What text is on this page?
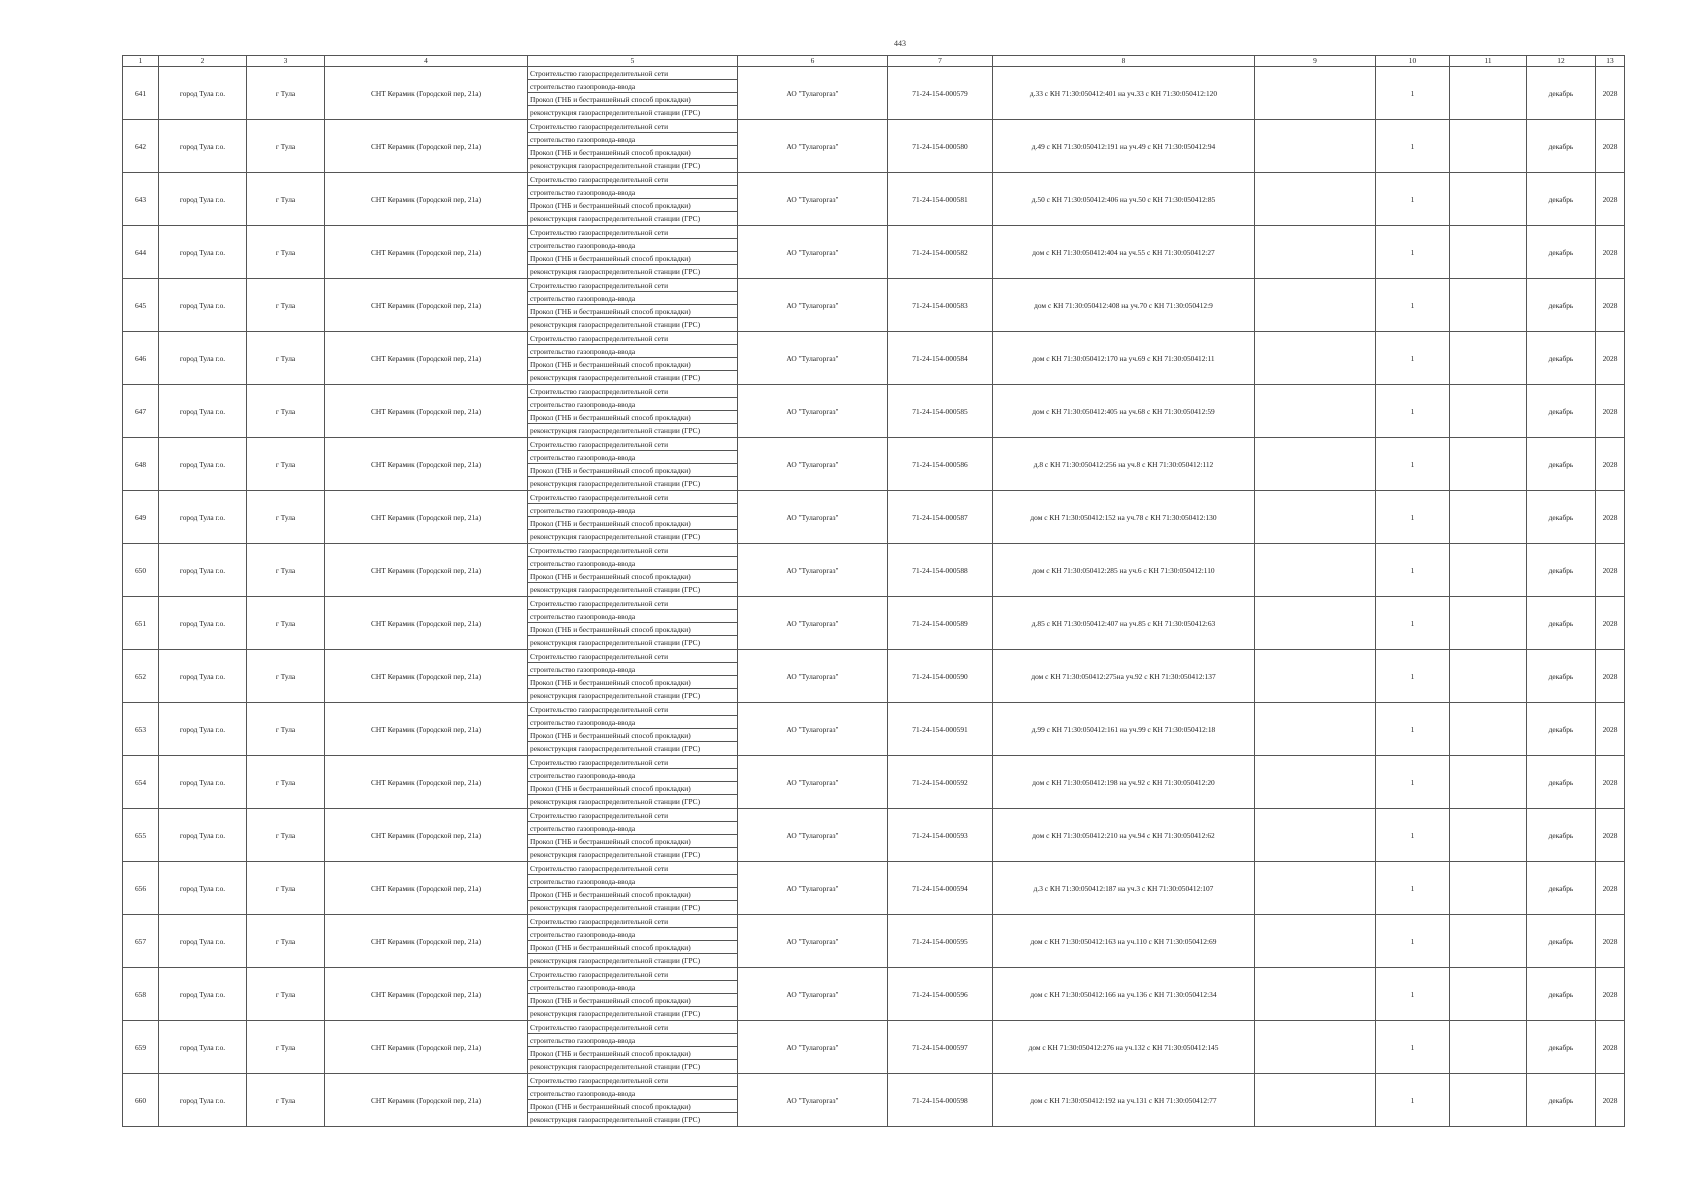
443
1	2	3	4	5	6	7	8	9	10	11	12	13
641	город Тула г.о.	г Тула	СНТ Керамик (Городской пер, 21а)	Строительство газораспределительной сети
строительство газопровода-ввода
Прокол (ГНБ и бестраншейный способ прокладки)
реконструкция газораспределительной станции (ГРС)	АО "Тулагоргаз"	71-24-154-000579	д.33 с КН 71:30:050412:401 на уч.33 с КН 71:30:050412:120		1		декабрь	2028
642	город Тула г.о.	г Тула	СНТ Керамик (Городской пер, 21а)	Строительство газораспределительной сети
строительство газопровода-ввода
Прокол (ГНБ и бестраншейный способ прокладки)
реконструкция газораспределительной станции (ГРС)	АО "Тулагоргаз"	71-24-154-000580	д.49 с КН 71:30:050412:191 на уч.49 с КН 71:30:050412:94		1		декабрь	2028
643	город Тула г.о.	г Тула	СНТ Керамик (Городской пер, 21а)	Строительство газораспределительной сети
строительство газопровода-ввода
Прокол (ГНБ и бестраншейный способ прокладки)
реконструкция газораспределительной станции (ГРС)	АО "Тулагоргаз"	71-24-154-000581	д.50 с КН 71:30:050412:406 на уч.50 с КН 71:30:050412:85		1		декабрь	2028
644	город Тула г.о.	г Тула	СНТ Керамик (Городской пер, 21а)	Строительство газораспределительной сети
строительство газопровода-ввода
Прокол (ГНБ и бестраншейный способ прокладки)
реконструкция газораспределительной станции (ГРС)	АО "Тулагоргаз"	71-24-154-000582	дом с КН 71:30:050412:404 на уч.55 с КН 71:30:050412:27		1		декабрь	2028
645	город Тула г.о.	г Тула	СНТ Керамик (Городской пер, 21а)	Строительство газораспределительной сети
строительство газопровода-ввода
Прокол (ГНБ и бестраншейный способ прокладки)
реконструкция газораспределительной станции (ГРС)	АО "Тулагоргаз"	71-24-154-000583	дом с КН 71:30:050412:408 на уч.70 с КН 71:30:050412:9		1		декабрь	2028
646	город Тула г.о.	г Тула	СНТ Керамик (Городской пер, 21а)	Строительство газораспределительной сети
строительство газопровода-ввода
Прокол (ГНБ и бестраншейный способ прокладки)
реконструкция газораспределительной станции (ГРС)	АО "Тулагоргаз"	71-24-154-000584	дом с КН 71:30:050412:170 на уч.69 с КН 71:30:050412:11		1		декабрь	2028
647	город Тула г.о.	г Тула	СНТ Керамик (Городской пер, 21а)	Строительство газораспределительной сети
строительство газопровода-ввода
Прокол (ГНБ и бестраншейный способ прокладки)
реконструкция газораспределительной станции (ГРС)	АО "Тулагоргаз"	71-24-154-000585	дом с КН 71:30:050412:405 на уч.68 с КН 71:30:050412:59		1		декабрь	2028
648	город Тула г.о.	г Тула	СНТ Керамик (Городской пер, 21а)	Строительство газораспределительной сети
строительство газопровода-ввода
Прокол (ГНБ и бестраншейный способ прокладки)
реконструкция газораспределительной станции (ГРС)	АО "Тулагоргаз"	71-24-154-000586	д.8 с КН 71:30:050412:256 на уч.8 с КН 71:30:050412:112		1		декабрь	2028
649	город Тула г.о.	г Тула	СНТ Керамик (Городской пер, 21а)	Строительство газораспределительной сети
строительство газопровода-ввода
Прокол (ГНБ и бестраншейный способ прокладки)
реконструкция газораспределительной станции (ГРС)	АО "Тулагоргаз"	71-24-154-000587	дом с КН 71:30:050412:152 на уч.78 с КН 71:30:050412:130		1		декабрь	2028
650	город Тула г.о.	г Тула	СНТ Керамик (Городской пер, 21а)	Строительство газораспределительной сети
строительство газопровода-ввода
Прокол (ГНБ и бестраншейный способ прокладки)
реконструкция газораспределительной станции (ГРС)	АО "Тулагоргаз"	71-24-154-000588	дом с КН 71:30:050412:285 на уч.6 с КН 71:30:050412:110		1		декабрь	2028
651	город Тула г.о.	г Тула	СНТ Керамик (Городской пер, 21а)	Строительство газораспределительной сети
строительство газопровода-ввода
Прокол (ГНБ и бестраншейный способ прокладки)
реконструкция газораспределительной станции (ГРС)	АО "Тулагоргаз"	71-24-154-000589	д.85 с КН 71:30:050412:407 на уч.85 с КН 71:30:050412:63		1		декабрь	2028
652	город Тула г.о.	г Тула	СНТ Керамик (Городской пер, 21а)	Строительство газораспределительной сети
строительство газопровода-ввода
Прокол (ГНБ и бестраншейный способ прокладки)
реконструкция газораспределительной станции (ГРС)	АО "Тулагоргаз"	71-24-154-000590	дом с КН 71:30:050412:275на уч.92 с КН 71:30:050412:137		1		декабрь	2028
653	город Тула г.о.	г Тула	СНТ Керамик (Городской пер, 21а)	Строительство газораспределительной сети
строительство газопровода-ввода
Прокол (ГНБ и бестраншейный способ прокладки)
реконструкция газораспределительной станции (ГРС)	АО "Тулагоргаз"	71-24-154-000591	д.99 с КН 71:30:050412:161 на уч.99 с КН 71:30:050412:18		1		декабрь	2028
654	город Тула г.о.	г Тула	СНТ Керамик (Городской пер, 21а)	Строительство газораспределительной сети
строительство газопровода-ввода
Прокол (ГНБ и бестраншейный способ прокладки)
реконструкция газораспределительной станции (ГРС)	АО "Тулагоргаз"	71-24-154-000592	дом с КН 71:30:050412:198 на уч.92 с КН 71:30:050412:20		1		декабрь	2028
655	город Тула г.о.	г Тула	СНТ Керамик (Городской пер, 21а)	Строительство газораспределительной сети
строительство газопровода-ввода
Прокол (ГНБ и бестраншейный способ прокладки)
реконструкция газораспределительной станции (ГРС)	АО "Тулагоргаз"	71-24-154-000593	дом с КН 71:30:050412:210 на уч.94 с КН 71:30:050412:62		1		декабрь	2028
656	город Тула г.о.	г Тула	СНТ Керамик (Городской пер, 21а)	Строительство газораспределительной сети
строительство газопровода-ввода
Прокол (ГНБ и бестраншейный способ прокладки)
реконструкция газораспределительной станции (ГРС)	АО "Тулагоргаз"	71-24-154-000594	д.3 с КН 71:30:050412:187 на уч.3 с КН 71:30:050412:107		1		декабрь	2028
657	город Тула г.о.	г Тула	СНТ Керамик (Городской пер, 21а)	Строительство газораспределительной сети
строительство газопровода-ввода
Прокол (ГНБ и бестраншейный способ прокладки)
реконструкция газораспределительной станции (ГРС)	АО "Тулагоргаз"	71-24-154-000595	дом с КН 71:30:050412:163 на уч.110 с КН 71:30:050412:69		1		декабрь	2028
658	город Тула г.о.	г Тула	СНТ Керамик (Городской пер, 21а)	Строительство газораспределительной сети
строительство газопровода-ввода
Прокол (ГНБ и бестраншейный способ прокладки)
реконструкция газораспределительной станции (ГРС)	АО "Тулагоргаз"	71-24-154-000596	дом с КН 71:30:050412:166 на уч.136 с КН 71:30:050412:34		1		декабрь	2028
659	город Тула г.о.	г Тула	СНТ Керамик (Городской пер, 21а)	Строительство газораспределительной сети
строительство газопровода-ввода
Прокол (ГНБ и бестраншейный способ прокладки)
реконструкция газораспределительной станции (ГРС)	АО "Тулагоргаз"	71-24-154-000597	дом с КН 71:30:050412:276 на уч.132 с КН 71:30:050412:145		1		декабрь	2028
660	город Тула г.о.	г Тула	СНТ Керамик (Городской пер, 21а)	Строительство газораспределительной сети
строительство газопровода-ввода
Прокол (ГНБ и бестраншейный способ прокладки)
реконструкция газораспределительной станции (ГРС)	АО "Тулагоргаз"	71-24-154-000598	дом с КН 71:30:050412:192 на уч.131 с КН 71:30:050412:77		1		декабрь	2028
